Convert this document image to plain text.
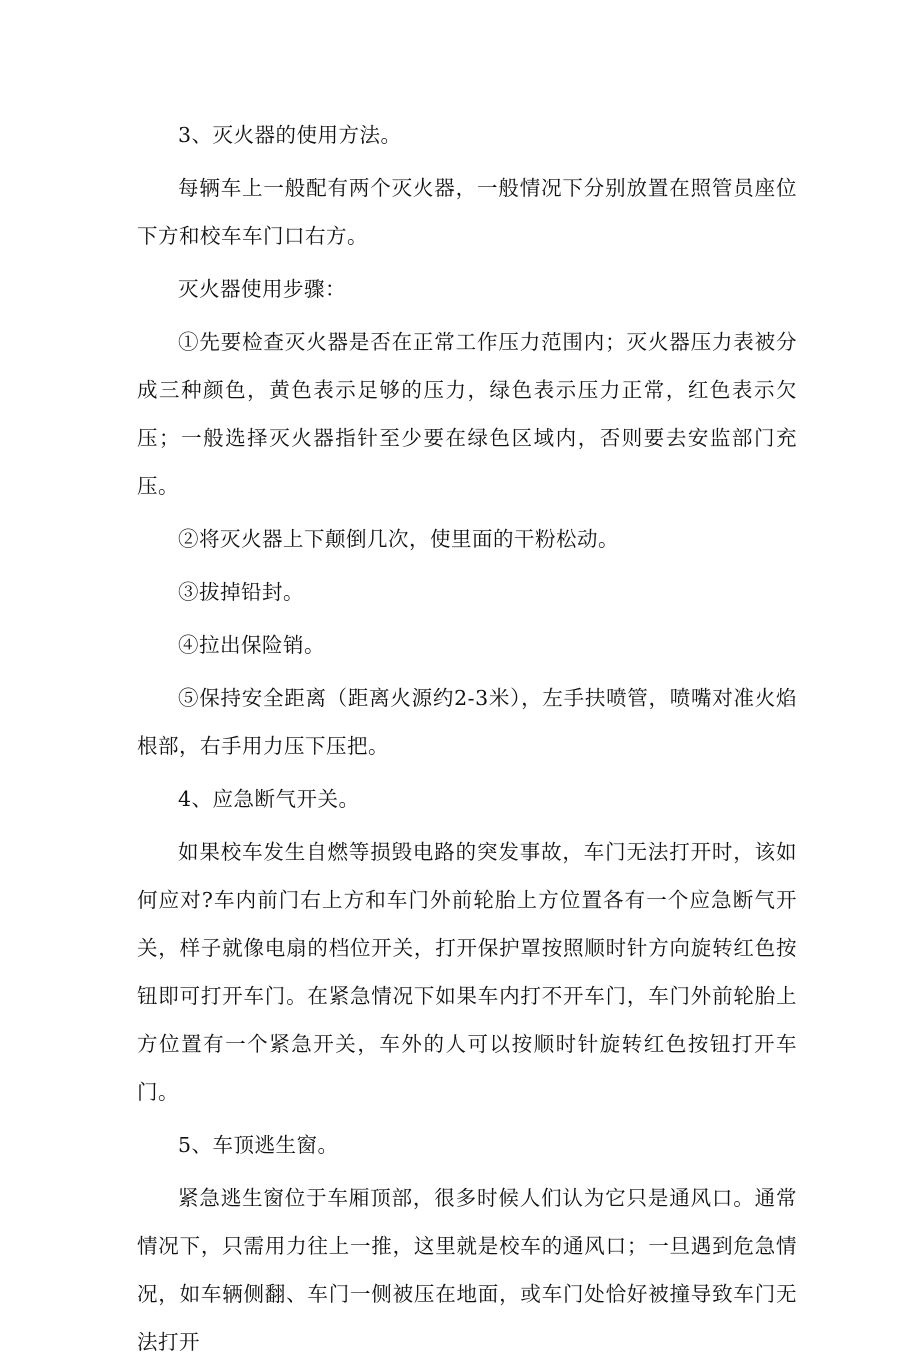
3、灭火器的使用方法。

每辆车上一般配有两个灭火器，一般情况下分别放置在照管员座位下方和校车车门口右方。

灭火器使用步骤：

①先要检查灭火器是否在正常工作压力范围内；灭火器压力表被分成三种颜色，黄色表示足够的压力，绿色表示压力正常，红色表示欠压；一般选择灭火器指针至少要在绿色区域内，否则要去安监部门充压。

②将灭火器上下颠倒几次，使里面的干粉松动。

③拔掉铅封。

④拉出保险销。

⑤保持安全距离（距离火源约2-3米），左手扶喷管，喷嘴对准火焰根部，右手用力压下压把。

4、应急断气开关。

如果校车发生自燃等损毁电路的突发事故，车门无法打开时，该如何应对?车内前门右上方和车门外前轮胎上方位置各有一个应急断气开关，样子就像电扇的档位开关，打开保护罩按照顺时针方向旋转红色按钮即可打开车门。在紧急情况下如果车内打不开车门，车门外前轮胎上方位置有一个紧急开关，车外的人可以按顺时针旋转红色按钮打开车门。

5、车顶逃生窗。

紧急逃生窗位于车厢顶部，很多时候人们认为它只是通风口。通常情况下，只需用力往上一推，这里就是校车的通风口；一旦遇到危急情况，如车辆侧翻、车门一侧被压在地面，或车门处恰好被撞导致车门无法打开
